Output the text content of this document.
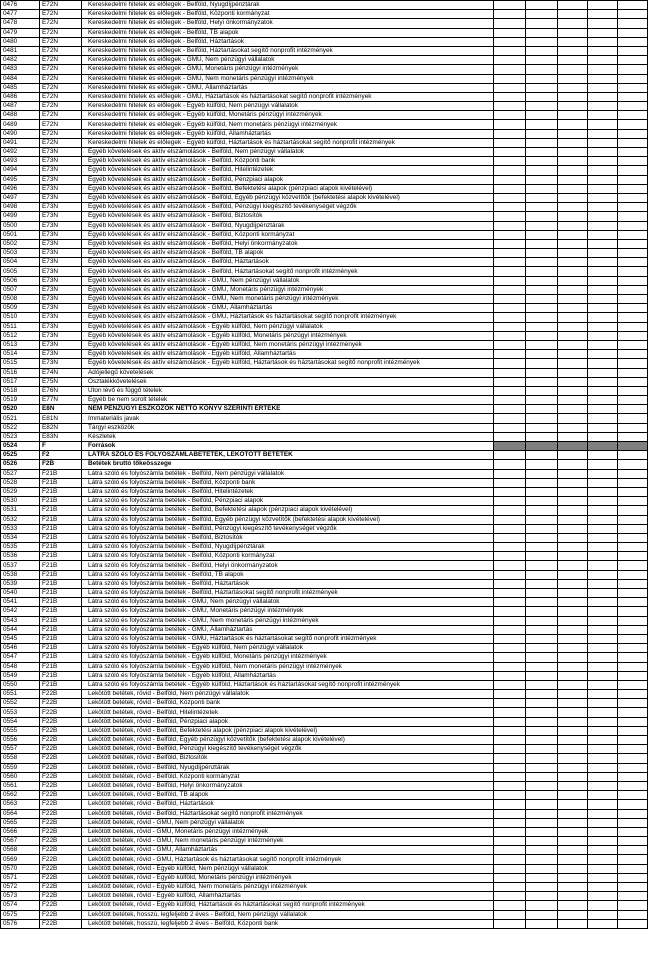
0476	E72N	Kereskedelmi hitelek és előlegek - Belföld, Nyugdíjpénztárak					
0477	E72N	Kereskedelmi hitelek és előlegek - Belföld, Központi kormányzat					
0478	E72N	Kereskedelmi hitelek és előlegek - Belföld, Helyi önkormányzatok					
0479	E72N	Kereskedelmi hitelek és előlegek - Belföld, TB alapok					
0480	E72N	Kereskedelmi hitelek és előlegek - Belföld, Háztartások					
0481	E72N	Kereskedelmi hitelek és előlegek - Belföld, Háztartásokat segítő nonprofit intézmények					
0482	E72N	Kereskedelmi hitelek és előlegek - GMU, Nem pénzügyi vállalatok					
0483	E72N	Kereskedelmi hitelek és előlegek - GMU, Monetáris pénzügyi intézmények					
0484	E72N	Kereskedelmi hitelek és előlegek - GMU, Nem monetáris pénzügyi intézmények					
0485	E72N	Kereskedelmi hitelek és előlegek - GMU, Államháztartás					
0486	E72N	Kereskedelmi hitelek és előlegek - GMU, Háztartások és háztartásokat segítő nonprofit intézmények					
0487	E72N	Kereskedelmi hitelek és előlegek - Egyéb külföld, Nem pénzügyi vállalatok					
0488	E72N	Kereskedelmi hitelek és előlegek - Egyéb külföld, Monetáris pénzügyi intézmények					
0489	E72N	Kereskedelmi hitelek és előlegek - Egyéb külföld, Nem monetáris pénzügyi intézmények					
0490	E72N	Kereskedelmi hitelek és előlegek - Egyéb külföld, Államháztartás					
0491	E72N	Kereskedelmi hitelek és előlegek - Egyéb külföld, Háztartások és háztartásokat segítő nonprofit intézmények					
0492	E73N	Egyéb követelések és aktív elszámolások - Belföld, Nem pénzügyi vállalatok					
0493	E73N	Egyéb követelések és aktív elszámolások - Belföld, Központi bank					
0494	E73N	Egyéb követelések és aktív elszámolások - Belföld, Hitelintézetek					
0495	E73N	Egyéb követelések és aktív elszámolások - Belföld, Pénzpiaci alapok					
0496	E73N	Egyéb követelések és aktív elszámolások - Belföld, Befektetési alapok (pénzpiaci alapok kivételével)					
0497	E73N	Egyéb követelések és aktív elszámolások - Belföld, Egyéb pénzügyi közvetítők (befektetési alapok kivételével)					
0498	E73N	Egyéb követelések és aktív elszámolások - Belföld, Pénzügyi kiegészítő tevékenységet végzők					
0499	E73N	Egyéb követelések és aktív elszámolások - Belföld, Biztosítók					
0500	E73N	Egyéb követelések és aktív elszámolások - Belföld, Nyugdíjpénztárak					
0501	E73N	Egyéb követelések és aktív elszámolások - Belföld, Központi kormányzat					
0502	E73N	Egyéb követelések és aktív elszámolások - Belföld, Helyi önkormányzatok					
0503	E73N	Egyéb követelések és aktív elszámolások - Belföld, TB alapok					
0504	E73N	Egyéb követelések és aktív elszámolások - Belföld, Háztartások					
0505	E73N	Egyéb követelések és aktív elszámolások - Belföld, Háztartásokat segítő nonprofit intézmények					
0506	E73N	Egyéb követelések és aktív elszámolások - GMU, Nem pénzügyi vállalatok					
0507	E73N	Egyéb követelések és aktív elszámolások - GMU, Monetáris pénzügyi intézmények					
0508	E73N	Egyéb követelések és aktív elszámolások - GMU, Nem monetáris pénzügyi intézmények					
0509	E73N	Egyéb követelések és aktív elszámolások - GMU, Államháztartás					
0510	E73N	Egyéb követelések és aktív elszámolások - GMU, Háztartások és háztartásokat segítő nonprofit intézmények					
0511	E73N	Egyéb követelések és aktív elszámolások - Egyéb külföld, Nem pénzügyi vállalatok					
0512	E73N	Egyéb követelések és aktív elszámolások - Egyéb külföld, Monetáris pénzügyi intézmények					
0513	E73N	Egyéb követelések és aktív elszámolások - Egyéb külföld, Nem monetáris pénzügyi intézmények					
0514	E73N	Egyéb követelések és aktív elszámolások - Egyéb külföld, Államháztartás					
0515	E73N	Egyéb követelések és aktív elszámolások - Egyéb külföld, Háztartások és háztartásokat segítő nonprofit intézmények					
0516	E74N	Adójellegű követelések					
0517	E75N	Osztalékkövetelések					
0518	E76N	Úton lévő és függő tételek					
0519	E77N	Egyéb be nem sorolt tételek					
0520	E8N	NEM PÉNZÜGYI ESZKÖZÖK NETTÓ KÖNYV SZERINTI ÉRTÉKE					
0521	E81N	Immateriális javak					
0522	E82N	Tárgyi eszközök					
0523	E83N	Készletek					
0524	F	Források					
0525	F2	LÁTRA SZÓLÓ ÉS FOLYÓSZÁMLABETÉTEK, LEKÖTÖTT BETÉTEK					
0526	F2B	Betétek bruttó tőkeösszege					
0527	F21B	Látra szóló és folyószámla betétek - Belföld, Nem pénzügyi vállalatok					
0528	F21B	Látra szóló és folyószámla betétek - Belföld, Központi bank					
0529	F21B	Látra szóló és folyószámla betétek - Belföld, Hitelintézetek					
0530	F21B	Látra szóló és folyószámla betétek - Belföld, Pénzpiaci alapok					
0531	F21B	Látra szóló és folyószámla betétek - Belföld, Befektetési alapok (pénzpiaci alapok kivételével)					
0532	F21B	Látra szóló és folyószámla betétek - Belföld, Egyéb pénzügyi közvetítők (befektetési alapok kivételével)					
0533	F21B	Látra szóló és folyószámla betétek - Belföld, Pénzügyi kiegészítő tevékenységet végzők					
0534	F21B	Látra szóló és folyószámla betétek - Belföld, Biztosítók					
0535	F21B	Látra szóló és folyószámla betétek - Belföld, Nyugdíjpénztárak					
0536	F21B	Látra szóló és folyószámla betétek - Belföld, Központi kormányzat					
0537	F21B	Látra szóló és folyószámla betétek - Belföld, Helyi önkormányzatok					
0538	F21B	Látra szóló és folyószámla betétek - Belföld, TB alapok					
0539	F21B	Látra szóló és folyószámla betétek - Belföld, Háztartások					
0540	F21B	Látra szóló és folyószámla betétek - Belföld, Háztartásokat segítő nonprofit intézmények					
0541	F21B	Látra szóló és folyószámla betétek - GMU, Nem pénzügyi vállalatok					
0542	F21B	Látra szóló és folyószámla betétek - GMU, Monetáris pénzügyi intézmények					
0543	F21B	Látra szóló és folyószámla betétek - GMU, Nem monetáris pénzügyi intézmények					
0544	F21B	Látra szóló és folyószámla betétek - GMU, Államháztartás					
0545	F21B	Látra szóló és folyószámla betétek - GMU, Háztartások és háztartásokat segítő nonprofit intézmények					
0546	F21B	Látra szóló és folyószámla betétek - Egyéb külföld, Nem pénzügyi vállalatok					
0547	F21B	Látra szóló és folyószámla betétek - Egyéb külföld, Monetáris pénzügyi intézmények					
0548	F21B	Látra szóló és folyószámla betétek - Egyéb külföld, Nem monetáris pénzügyi intézmények					
0549	F21B	Látra szóló és folyószámla betétek - Egyéb külföld, Államháztartás					
0550	F21B	Látra szóló és folyószámla betétek - Egyéb külföld, Háztartások és háztartásokat segítő nonprofit intézmények					
0551	F22B	Lekötött betétek, rövid - Belföld, Nem pénzügyi vállalatok					
0552	F22B	Lekötött betétek, rövid - Belföld, Központi bank					
0553	F22B	Lekötött betétek, rövid - Belföld, Hitelintézetek					
0554	F22B	Lekötött betétek, rövid - Belföld, Pénzpiaci alapok					
0555	F22B	Lekötött betétek, rövid - Belföld, Befektetési alapok (pénzpiaci alapok kivételével)					
0556	F22B	Lekötött betétek, rövid - Belföld, Egyéb pénzügyi közvetítők (befektetési alapok kivételével)					
0557	F22B	Lekötött betétek, rövid - Belföld, Pénzügyi kiegészítő tevékenységet végzők					
0558	F22B	Lekötött betétek, rövid - Belföld, Biztosítók					
0559	F22B	Lekötött betétek, rövid - Belföld, Nyugdíjpénztárak					
0560	F22B	Lekötött betétek, rövid - Belföld, Központi kormányzat					
0561	F22B	Lekötött betétek, rövid - Belföld, Helyi önkormányzatok					
0562	F22B	Lekötött betétek, rövid - Belföld, TB alapok					
0563	F22B	Lekötött betétek, rövid - Belföld, Háztartások					
0564	F22B	Lekötött betétek, rövid - Belföld, Háztartásokat segítő nonprofit intézmények					
0565	F22B	Lekötött betétek, rövid - GMU, Nem pénzügyi vállalatok					
0566	F22B	Lekötött betétek, rövid - GMU, Monetáris pénzügyi intézmények					
0567	F22B	Lekötött betétek, rövid - GMU, Nem monetáris pénzügyi intézmények					
0568	F22B	Lekötött betétek, rövid - GMU, Államháztartás					
0569	F22B	Lekötött betétek, rövid - GMU, Háztartások és háztartásokat segítő nonprofit intézmények					
0570	F22B	Lekötött betétek, rövid - Egyéb külföld, Nem pénzügyi vállalatok					
0571	F22B	Lekötött betétek, rövid - Egyéb külföld, Monetáris pénzügyi intézmények					
0572	F22B	Lekötött betétek, rövid - Egyéb külföld, Nem monetáris pénzügyi intézmények					
0573	F22B	Lekötött betétek, rövid - Egyéb külföld, Államháztartás					
0574	F22B	Lekötött betétek, rövid - Egyéb külföld, Háztartások és háztartásokat segítő nonprofit intézmények					
0575	F22B	Lekötött betétek, hosszú, legfeljebb 2 éves - Belföld, Nem pénzügyi vállalatok					
0576	F22B	Lekötött betétek, hosszú, legfeljebb 2 éves - Belföld, Központi bank					
